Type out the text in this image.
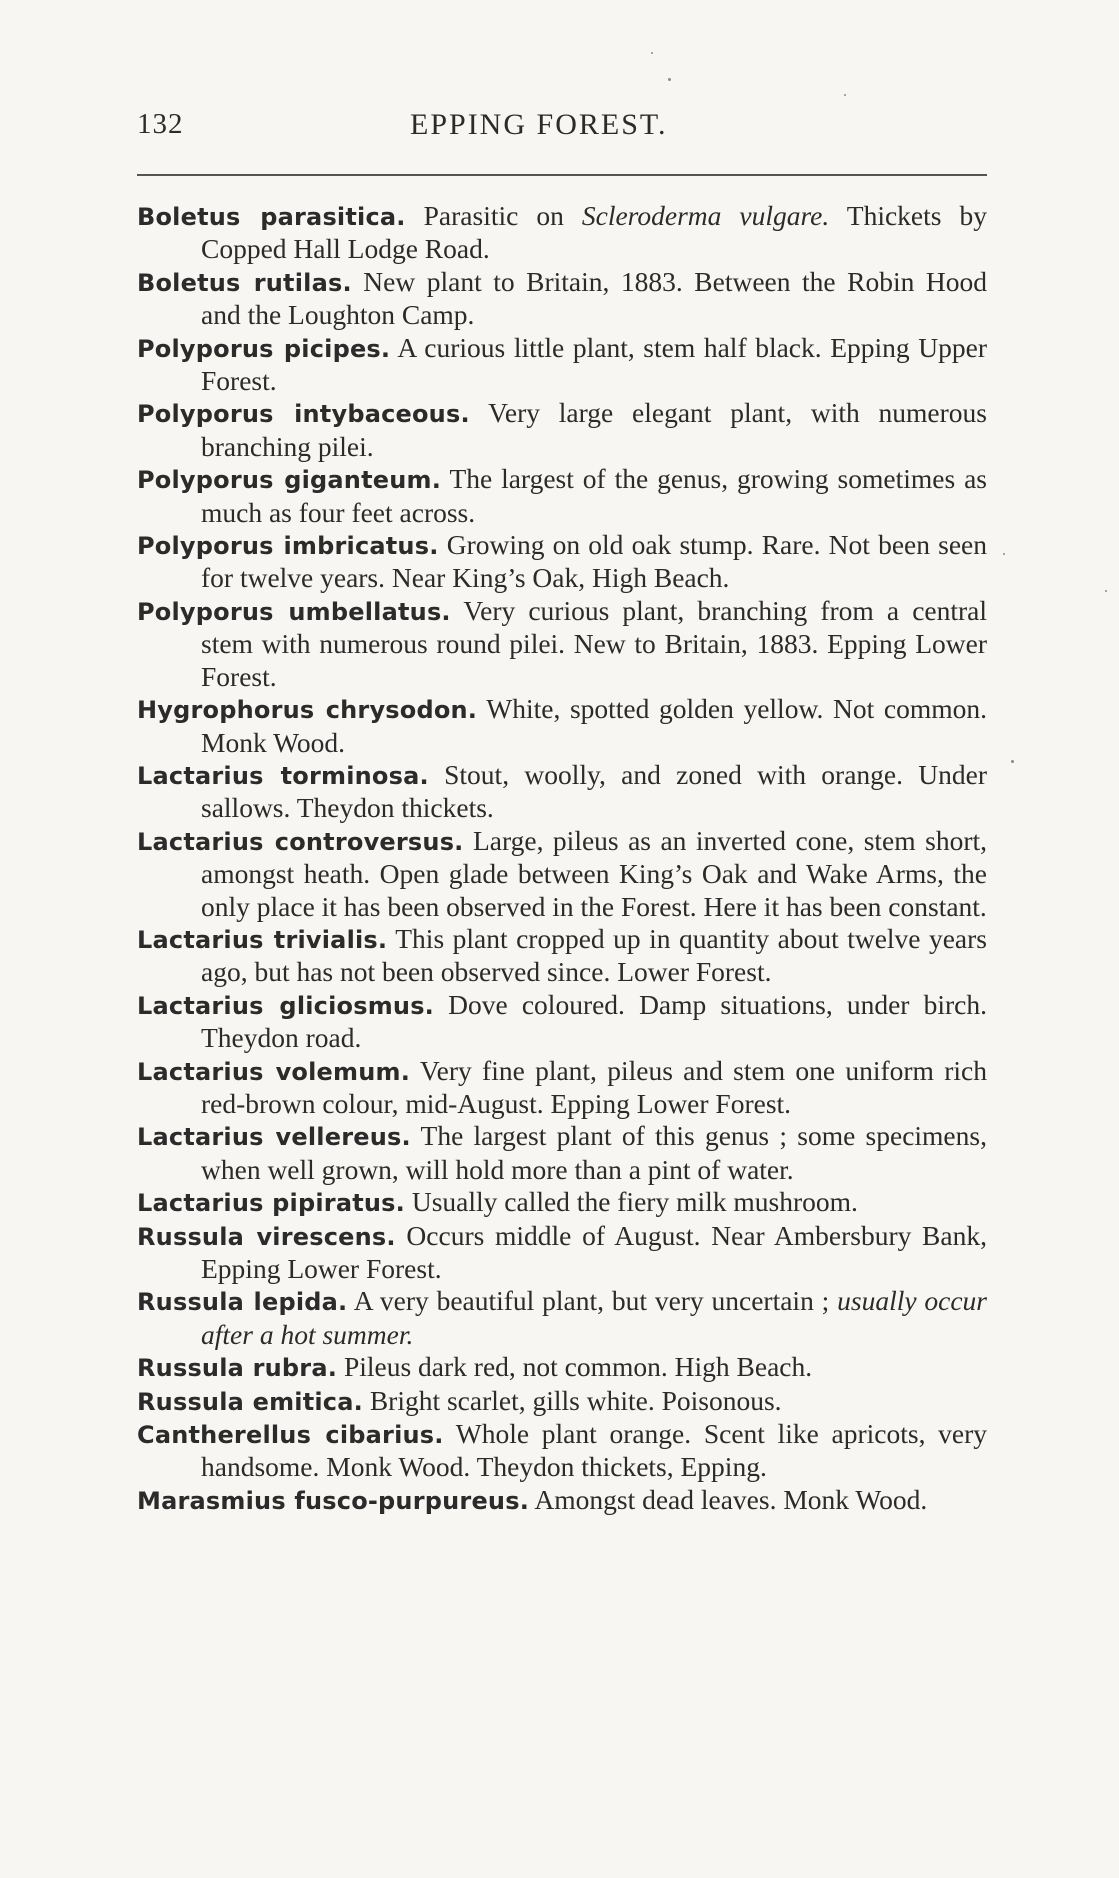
132	EPPING FOREST.

Boletus parasitica. Parasitic on Scleroderma vulgare. Thickets by Copped Hall Lodge Road.

Boletus rutilas. New plant to Britain, 1883. Between the Robin Hood and the Loughton Camp.

Polyporus picipes. A curious little plant, stem half black. Epping Upper Forest.

Polyporus intybaceous. Very large elegant plant, with numerous branching pilei.

Polyporus giganteum. The largest of the genus, growing sometimes as much as four feet across.

Polyporus imbricatus. Growing on old oak stump. Rare. Not been seen for twelve years. Near King’s Oak, High Beach.

Polyporus umbellatus. Very curious plant, branching from a central stem with numerous round pilei. New to Britain, 1883. Epping Lower Forest.

Hygrophorus chrysodon. White, spotted golden yellow. Not common. Monk Wood.

Lactarius torminosa. Stout, woolly, and zoned with orange. Under sallows. Theydon thickets.

Lactarius controversus. Large, pileus as an inverted cone, stem short, amongst heath. Open glade between King’s Oak and Wake Arms, the only place it has been observed in the Forest. Here it has been constant.

Lactarius trivialis. This plant cropped up in quantity about twelve years ago, but has not been observed since. Lower Forest.

Lactarius gliciosmus. Dove coloured. Damp situations, under birch. Theydon road.

Lactarius volemum. Very fine plant, pileus and stem one uniform rich red-brown colour, mid-August. Epping Lower Forest.

Lactarius vellereus. The largest plant of this genus ; some specimens, when well grown, will hold more than a pint of water.

Lactarius pipiratus. Usually called the fiery milk mushroom.

Russula virescens. Occurs middle of August. Near Ambersbury Bank, Epping Lower Forest.

Russula lepida. A very beautiful plant, but very uncertain ; usually occur after a hot summer.

Russula rubra. Pileus dark red, not common. High Beach.

Russula emitica. Bright scarlet, gills white. Poisonous.

Cantherellus cibarius. Whole plant orange. Scent like apricots, very handsome. Monk Wood. Theydon thickets, Epping.

Marasmius fusco-purpureus. Amongst dead leaves. Monk Wood.
